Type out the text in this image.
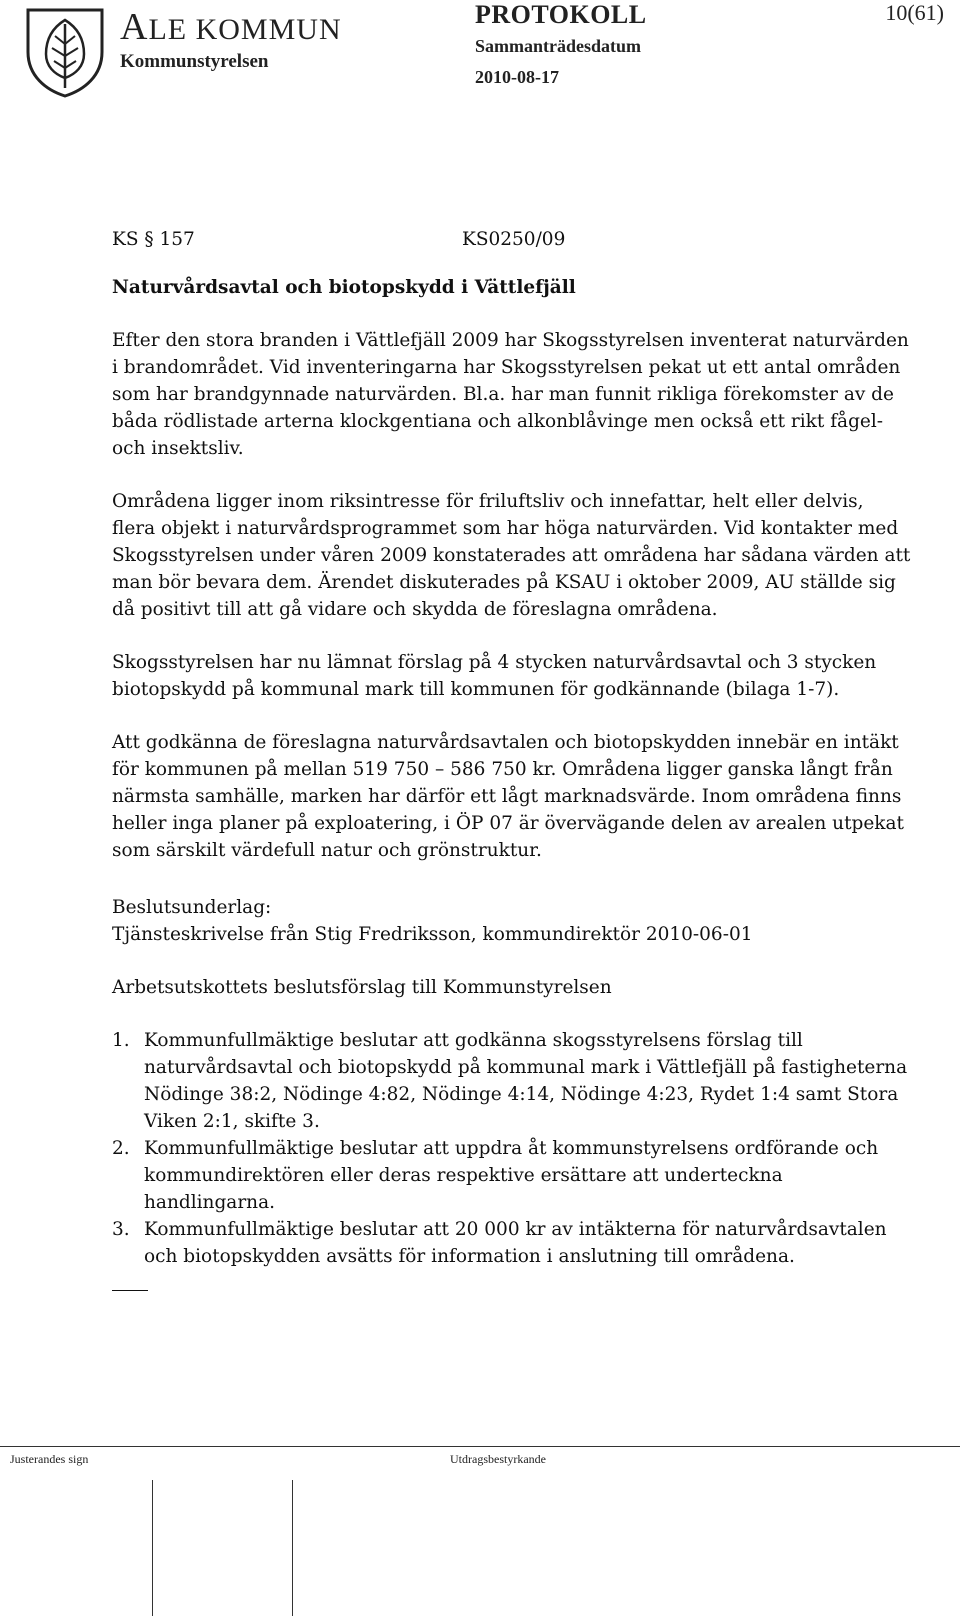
ALE KOMMUN
Kommunstyrelsen
PROTOKOLL
Sammanträdesdatum
2010-08-17
10(61)
KS § 157	KS0250/09
Naturvårdsavtal och biotopskydd i Vättlefjäll

Efter den stora branden i Vättlefjäll 2009 har Skogsstyrelsen inventerat naturvärden i brandområdet. Vid inventeringarna har Skogsstyrelsen pekat ut ett antal områden som har brandgynnade naturvärden. Bl.a. har man funnit rikliga förekomster av de båda rödlistade arterna klockgentiana och alkonblåvinge men också ett rikt fågel- och insektsliv.

Områdena ligger inom riksintresse för friluftsliv och innefattar, helt eller delvis, flera objekt i naturvårdsprogrammet som har höga naturvärden. Vid kontakter med Skogsstyrelsen under våren 2009 konstaterades att områdena har sådana värden att man bör bevara dem. Ärendet diskuterades på KSAU i oktober 2009, AU ställde sig då positivt till att gå vidare och skydda de föreslagna områdena.

Skogsstyrelsen har nu lämnat förslag på 4 stycken naturvårdsavtal och 3 stycken biotopskydd på kommunal mark till kommunen för godkännande (bilaga 1-7).

Att godkänna de föreslagna naturvårdsavtalen och biotopskydden innebär en intäkt för kommunen på mellan 519 750 – 586 750 kr. Områdena ligger ganska långt från närmsta samhälle, marken har därför ett lågt marknadsvärde. Inom områdena finns heller inga planer på exploatering, i ÖP 07 är övervägande delen av arealen utpekat som särskilt värdefull natur och grönstruktur.

Beslutsunderlag:
Tjänsteskrivelse från Stig Fredriksson, kommundirektör 2010-06-01

Arbetsutskottets beslutsförslag till Kommunstyrelsen

1. Kommunfullmäktige beslutar att godkänna skogsstyrelsens förslag till naturvårdsavtal och biotopskydd på kommunal mark i Vättlefjäll på fastigheterna Nödinge 38:2, Nödinge 4:82, Nödinge 4:14, Nödinge 4:23, Rydet 1:4 samt Stora Viken 2:1, skifte 3.
2. Kommunfullmäktige beslutar att uppdra åt kommunstyrelsens ordförande och kommundirektören eller deras respektive ersättare att underteckna handlingarna.
3. Kommunfullmäktige beslutar att 20 000 kr av intäkterna för naturvårdsavtalen och biotopskydden avsätts för information i anslutning till områdena.
Justerandes sign	Utdragsbestyrkande
